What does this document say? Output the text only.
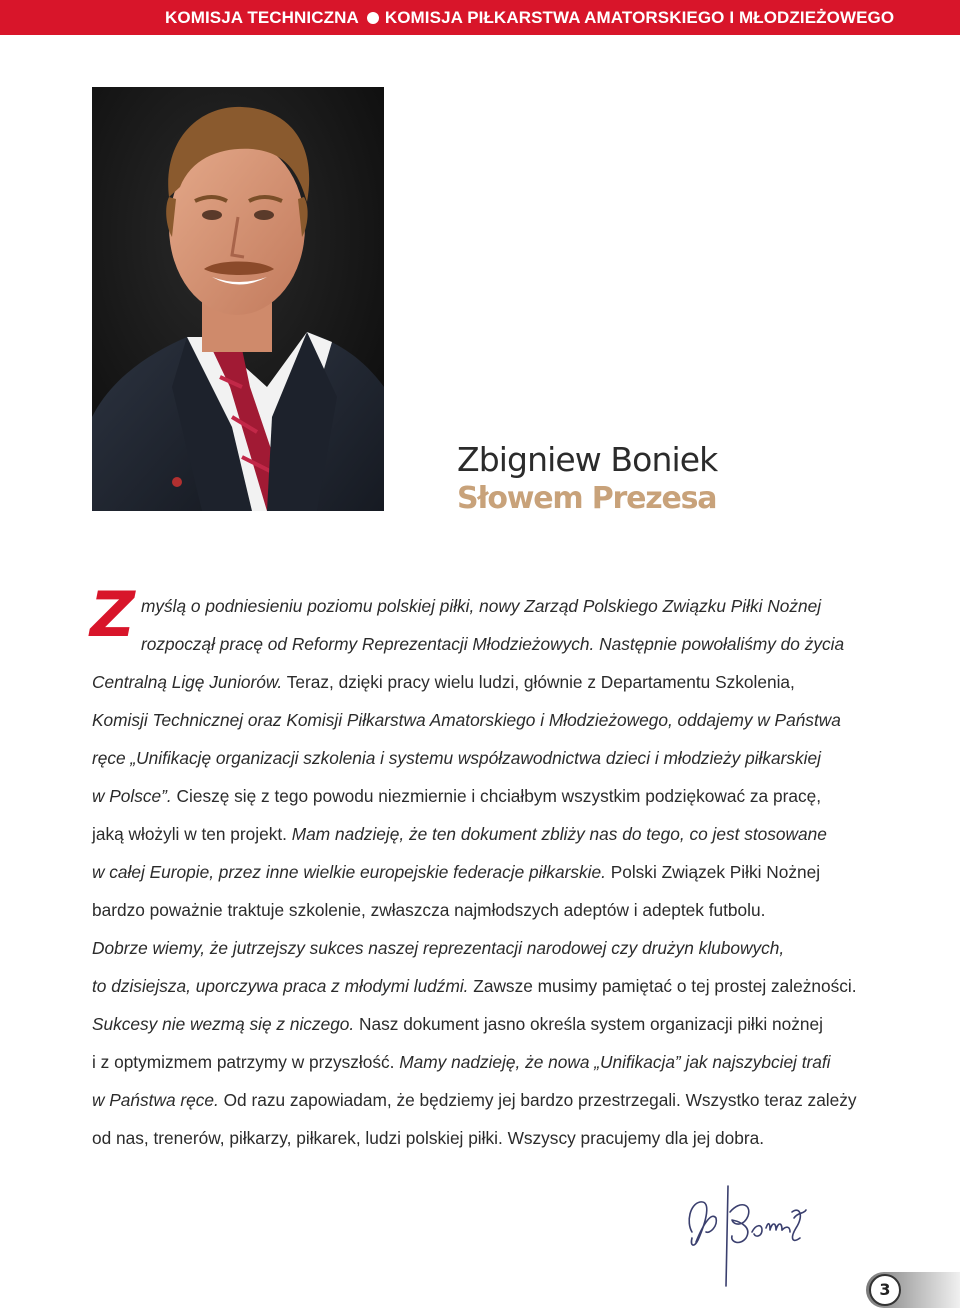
KOMISJA TECHNICZNA KOMISJA PIŁKARSTWA AMATORSKIEGO I MŁODZIEŻOWEGO
Zbigniew Boniek
Słowem Prezesa
Z myślą o podniesieniu poziomu polskiej piłki, nowy Zarząd Polskiego Związku Piłki Nożnej
rozpoczął pracę od Reformy Reprezentacji Młodzieżowych. Następnie powołaliśmy do życia
Centralną Ligę Juniorów. Teraz, dzięki pracy wielu ludzi, głównie z Departamentu Szkolenia,
Komisji Technicznej oraz Komisji Piłkarstwa Amatorskiego i Młodzieżowego, oddajemy w Państwa
ręce „Unifikację organizacji szkolenia i systemu współzawodnictwa dzieci i młodzieży piłkarskiej
w Polsce”. Cieszę się z tego powodu niezmiernie i chciałbym wszystkim podziękować za pracę,
jaką włożyli w ten projekt. Mam nadzieję, że ten dokument zbliży nas do tego, co jest stosowane
w całej Europie, przez inne wielkie europejskie federacje piłkarskie. Polski Związek Piłki Nożnej
bardzo poważnie traktuje szkolenie, zwłaszcza najmłodszych adeptów i adeptek futbolu.
Dobrze wiemy, że jutrzejszy sukces naszej reprezentacji narodowej czy drużyn klubowych,
to dzisiejsza, uporczywa praca z młodymi ludźmi. Zawsze musimy pamiętać o tej prostej zależności.
Sukcesy nie wezmą się z niczego. Nasz dokument jasno określa system organizacji piłki nożnej
i z optymizmem patrzymy w przyszłość. Mamy nadzieję, że nowa „Unifikacja” jak najszybciej trafi
w Państwa ręce. Od razu zapowiadam, że będziemy jej bardzo przestrzegali. Wszystko teraz zależy
od nas, trenerów, piłkarzy, piłkarek, ludzi polskiej piłki. Wszyscy pracujemy dla jej dobra.
3
